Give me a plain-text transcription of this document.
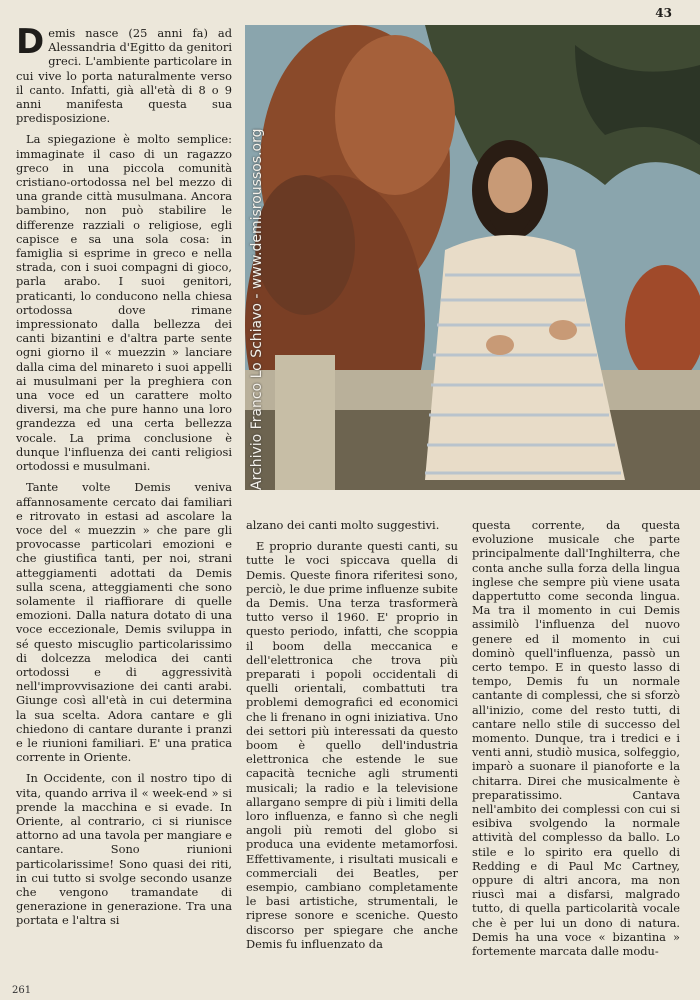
43

Demis nasce (25 anni fa) ad Alessandria d'Egitto da genitori greci. L'ambiente particolare in cui vive lo porta naturalmente verso il canto. Infatti, già all'età di 8 o 9 anni manifesta questa sua predisposizione.

La spiegazione è molto semplice: immaginate il caso di un ragazzo greco in una piccola comunità cristiano-ortodossa nel bel mezzo di una grande città musulmana. Ancora bambino, non può stabilire le differenze razziali o religiose, egli capisce e sa una sola cosa: in famiglia si esprime in greco e nella strada, con i suoi compagni di gioco, parla arabo. I suoi genitori, praticanti, lo conducono nella chiesa ortodossa dove rimane impressionato dalla bellezza dei canti bizantini e d'altra parte sente ogni giorno il « muezzin » lanciare dalla cima del minareto i suoi appelli ai musulmani per la preghiera con una voce ed un carattere molto diversi, ma che pure hanno una loro grandezza ed una certa bellezza vocale. La prima conclusione è dunque l'influenza dei canti religiosi ortodossi e musulmani.

Tante volte Demis veniva affannosamente cercato dai familiari e ritrovato in estasi ad ascolare la voce del « muezzin » che pare gli provocasse particolari emozioni e che giustifica tanti, per noi, strani atteggiamenti adottati da Demis sulla scena, atteggiamenti che sono solamente il riaffiorare di quelle emozioni. Dalla natura dotato di una voce eccezionale, Demis sviluppa in sé questo miscuglio particolarissimo di dolcezza melodica dei canti ortodossi e di aggressività nell'improvvisazione dei canti arabi. Giunge così all'età in cui determina la sua scelta. Adora cantare e gli chiedono di cantare durante i pranzi e le riunioni familiari. E' una pratica corrente in Oriente.

In Occidente, con il nostro tipo di vita, quando arriva il « week-end » si prende la macchina e si evade. In Oriente, al contrario, ci si riunisce attorno ad una tavola per mangiare e cantare. Sono riunioni particolarissime! Sono quasi dei riti, in cui tutto si svolge secondo usanze che vengono tramandate di generazione in generazione. Tra una portata e l'altra si

Archivio Franco Lo Schiavo - www.demisroussos.org

alzano dei canti molto suggestivi.

E proprio durante questi canti, su tutte le voci spiccava quella di Demis. Queste finora riferitesi sono, perciò, le due prime influenze subite da Demis. Una terza trasformerà tutto verso il 1960. E' proprio in questo periodo, infatti, che scoppia il boom della meccanica e dell'elettronica che trova più preparati i popoli occidentali di quelli orientali, combattuti tra problemi demografici ed economici che li frenano in ogni iniziativa. Uno dei settori più interessati da questo boom è quello dell'industria elettronica che estende le sue capacità tecniche agli strumenti musicali; la radio e la televisione allargano sempre di più i limiti della loro influenza, e fanno sì che negli angoli più remoti del globo si produca una evidente metamorfosi. Effettivamente, i risultati musicali e commerciali dei Beatles, per esempio, cambiano completamente le basi artistiche, strumentali, le riprese sonore e sceniche. Questo discorso per spiegare che anche Demis fu influenzato da

questa corrente, da questa evoluzione musicale che parte principalmente dall'Inghilterra, che conta anche sulla forza della lingua inglese che sempre più viene usata dappertutto come seconda lingua. Ma tra il momento in cui Demis assimilò l'influenza del nuovo genere ed il momento in cui dominò quell'influenza, passò un certo tempo. E in questo lasso di tempo, Demis fu un normale cantante di complessi, che si sforzò all'inizio, come del resto tutti, di cantare nello stile di successo del momento. Dunque, tra i tredici e i venti anni, studiò musica, solfeggio, imparò a suonare il pianoforte e la chitarra. Direi che musicalmente è preparatissimo. Cantava nell'ambito dei complessi con cui si esibiva svolgendo la normale attività del complesso da ballo. Lo stile e lo spirito era quello di Redding e di Paul Mc Cartney, oppure di altri ancora, ma non riuscì mai a disfarsi, malgrado tutto, di quella particolarità vocale che è per lui un dono di natura. Demis ha una voce « bizantina » fortemente marcata dalle modu-

261
